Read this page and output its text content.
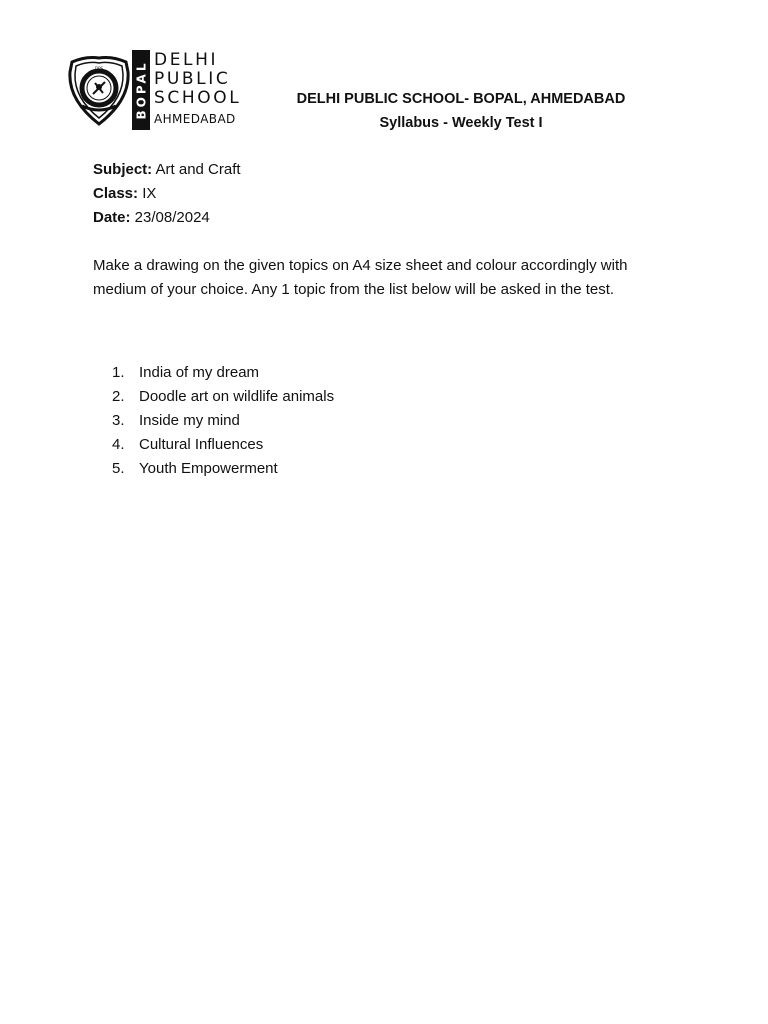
DPS	BOPAL
DELHI
PUBLIC
SCHOOL
AHMEDABAD
DELHI PUBLIC SCHOOL- BOPAL, AHMEDABAD
Syllabus - Weekly Test I
Subject: Art and Craft
Class: IX
Date: 23/08/2024

Make a drawing on the given topics on A4 size sheet and colour accordingly with medium of your choice. Any 1 topic from the list below will be asked in the test.

1. India of my dream
2. Doodle art on wildlife animals
3. Inside my mind
4. Cultural Influences
5. Youth Empowerment
